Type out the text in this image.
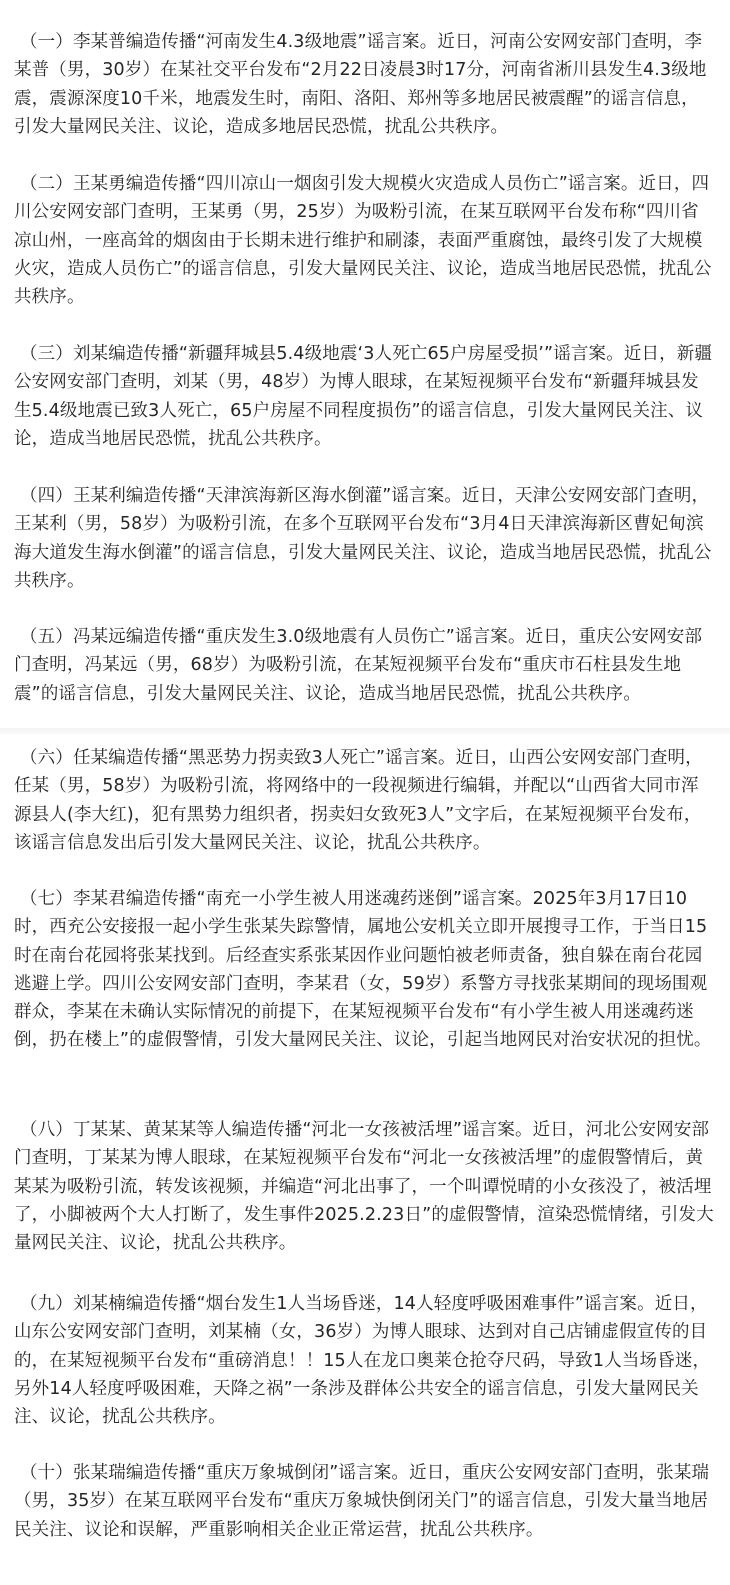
（一）李某普编造传播“河南发生4.3级地震”谣言案。近日，河南公安网安部门查明，李某普（男，30岁）在某社交平台发布“2月22日凌晨3时17分，河南省淅川县发生4.3级地震，震源深度10千米，地震发生时，南阳、洛阳、郑州等多地居民被震醒”的谣言信息，引发大量网民关注、议论，造成多地居民恐慌，扰乱公共秩序。

（二）王某勇编造传播“四川凉山一烟囱引发大规模火灾造成人员伤亡”谣言案。近日，四川公安网安部门查明，王某勇（男，25岁）为吸粉引流，在某互联网平台发布称“四川省凉山州，一座高耸的烟囱由于长期未进行维护和刷漆，表面严重腐蚀，最终引发了大规模火灾，造成人员伤亡”的谣言信息，引发大量网民关注、议论，造成当地居民恐慌，扰乱公共秩序。

（三）刘某编造传播“新疆拜城县5.4级地震‘3人死亡65户房屋受损’”谣言案。近日，新疆公安网安部门查明，刘某（男，48岁）为博人眼球，在某短视频平台发布“新疆拜城县发生5.4级地震已致3人死亡，65户房屋不同程度损伤”的谣言信息，引发大量网民关注、议论，造成当地居民恐慌，扰乱公共秩序。

（四）王某利编造传播“天津滨海新区海水倒灌”谣言案。近日，天津公安网安部门查明，王某利（男，58岁）为吸粉引流，在多个互联网平台发布“3月4日天津滨海新区曹妃甸滨海大道发生海水倒灌”的谣言信息，引发大量网民关注、议论，造成当地居民恐慌，扰乱公共秩序。

（五）冯某远编造传播“重庆发生3.0级地震有人员伤亡”谣言案。近日，重庆公安网安部门查明，冯某远（男，68岁）为吸粉引流，在某短视频平台发布“重庆市石柱县发生地震”的谣言信息，引发大量网民关注、议论，造成当地居民恐慌，扰乱公共秩序。

（六）任某编造传播“黑恶势力拐卖致3人死亡”谣言案。近日，山西公安网安部门查明，任某（男，58岁）为吸粉引流，将网络中的一段视频进行编辑，并配以“山西省大同市浑源县人(李大红)，犯有黑势力组织者，拐卖妇女致死3人”文字后，在某短视频平台发布，该谣言信息发出后引发大量网民关注、议论，扰乱公共秩序。

（七）李某君编造传播“南充一小学生被人用迷魂药迷倒”谣言案。2025年3月17日10时，西充公安接报一起小学生张某失踪警情，属地公安机关立即开展搜寻工作，于当日15时在南台花园将张某找到。后经查实系张某因作业问题怕被老师责备，独自躲在南台花园逃避上学。四川公安网安部门查明，李某君（女，59岁）系警方寻找张某期间的现场围观群众，李某在未确认实际情况的前提下，在某短视频平台发布“有小学生被人用迷魂药迷倒，扔在楼上”的虚假警情，引发大量网民关注、议论，引起当地网民对治安状况的担忧。

（八）丁某某、黄某某等人编造传播“河北一女孩被活埋”谣言案。近日，河北公安网安部门查明，丁某某为博人眼球，在某短视频平台发布“河北一女孩被活埋”的虚假警情后，黄某某为吸粉引流，转发该视频，并编造“河北出事了，一个叫谭悦晴的小女孩没了，被活埋了，小脚被两个大人打断了，发生事件2025.2.23日”的虚假警情，渲染恐慌情绪，引发大量网民关注、议论，扰乱公共秩序。

（九）刘某楠编造传播“烟台发生1人当场昏迷，14人轻度呼吸困难事件”谣言案。近日，山东公安网安部门查明，刘某楠（女，36岁）为博人眼球、达到对自己店铺虚假宣传的目的，在某短视频平台发布“重磅消息！！15人在龙口奥莱仓抢夺尺码，导致1人当场昏迷，另外14人轻度呼吸困难，天降之祸”一条涉及群体公共安全的谣言信息，引发大量网民关注、议论，扰乱公共秩序。

（十）张某瑞编造传播“重庆万象城倒闭”谣言案。近日，重庆公安网安部门查明，张某瑞（男，35岁）在某互联网平台发布“重庆万象城快倒闭关门”的谣言信息，引发大量当地居民关注、议论和误解，严重影响相关企业正常运营，扰乱公共秩序。
